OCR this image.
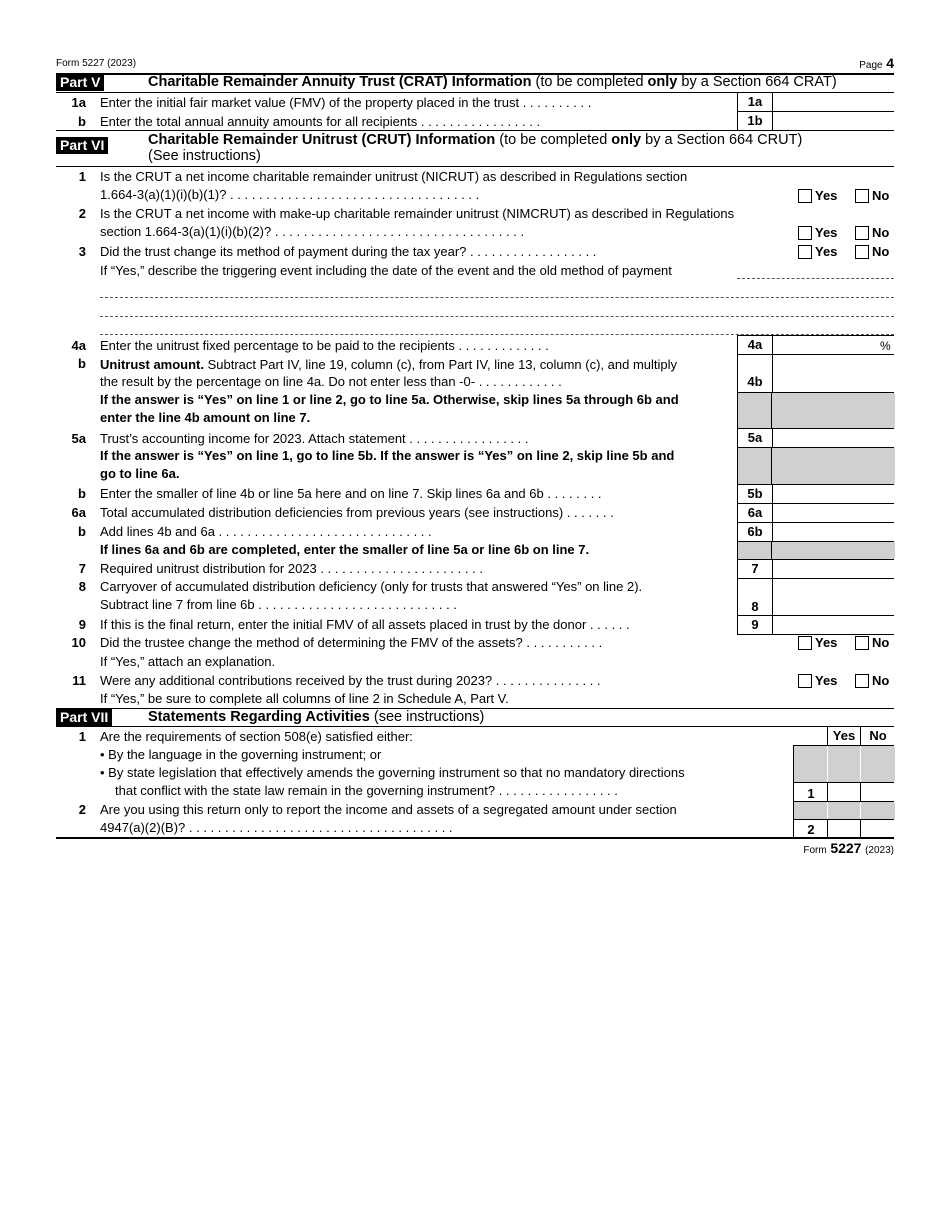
Form 5227 (2023)	Page 4
Part V	Charitable Remainder Annuity Trust (CRAT) Information (to be completed only by a Section 664 CRAT)
1a Enter the initial fair market value (FMV) of the property placed in the trust . . . . . . . . . .	1a
b Enter the total annual annuity amounts for all recipients . . . . . . . . . . . . . . . . .	1b
Part VI	Charitable Remainder Unitrust (CRUT) Information (to be completed only by a Section 664 CRUT)
(See instructions)
1 Is the CRUT a net income charitable remainder unitrust (NICRUT) as described in Regulations section
1.664-3(a)(1)(i)(b)(1)? . . . . . . . . . . . . . . . . . . . . . . . . . . . . . . . . . . .	Yes	No
2 Is the CRUT a net income with make-up charitable remainder unitrust (NIMCRUT) as described in Regulations
section 1.664-3(a)(1)(i)(b)(2)? . . . . . . . . . . . . . . . . . . . . . . . . . . . . . . . . . . .	Yes	No
3 Did the trust change its method of payment during the tax year? . . . . . . . . . . . . . . . . . .	Yes	No
If “Yes,” describe the triggering event including the date of the event and the old method of payment
4a Enter the unitrust fixed percentage to be paid to the recipients . . . . . . . . . . . . .	4a	%
b Unitrust amount. Subtract Part IV, line 19, column (c), from Part IV, line 13, column (c), and multiply
the result by the percentage on line 4a. Do not enter less than -0- . . . . . . . . . . . .	4b
If the answer is “Yes” on line 1 or line 2, go to line 5a. Otherwise, skip lines 5a through 6b and
enter the line 4b amount on line 7.
5a Trust’s accounting income for 2023. Attach statement . . . . . . . . . . . . . . . . .	5a
If the answer is “Yes” on line 1, go to line 5b. If the answer is “Yes” on line 2, skip line 5b and
go to line 6a.
b Enter the smaller of line 4b or line 5a here and on line 7. Skip lines 6a and 6b . . . . . . . .	5b
6a Total accumulated distribution deficiencies from previous years (see instructions) . . . . . . .	6a
b Add lines 4b and 6a . . . . . . . . . . . . . . . . . . . . . . . . . . . . . .	6b
If lines 6a and 6b are completed, enter the smaller of line 5a or line 6b on line 7.
7 Required unitrust distribution for 2023 . . . . . . . . . . . . . . . . . . . . . . .	7
8 Carryover of accumulated distribution deficiency (only for trusts that answered “Yes” on line 2).
Subtract line 7 from line 6b . . . . . . . . . . . . . . . . . . . . . . . . . . . .	8
9 If this is the final return, enter the initial FMV of all assets placed in trust by the donor . . . . . .	9
10 Did the trustee change the method of determining the FMV of the assets? . . . . . . . . . . .	Yes	No
If “Yes,” attach an explanation.
11 Were any additional contributions received by the trust during 2023? . . . . . . . . . . . . . . .	Yes	No
If “Yes,” be sure to complete all columns of line 2 in Schedule A, Part V.
Part VII	Statements Regarding Activities (see instructions)
Yes	No
1 Are the requirements of section 508(e) satisfied either:
• By the language in the governing instrument; or
• By state legislation that effectively amends the governing instrument so that no mandatory directions
that conflict with the state law remain in the governing instrument? . . . . . . . . . . . . . . . . .	1
2 Are you using this return only to report the income and assets of a segregated amount under section
4947(a)(2)(B)? . . . . . . . . . . . . . . . . . . . . . . . . . . . . . . . . . . . . .	2
Form 5227 (2023)
